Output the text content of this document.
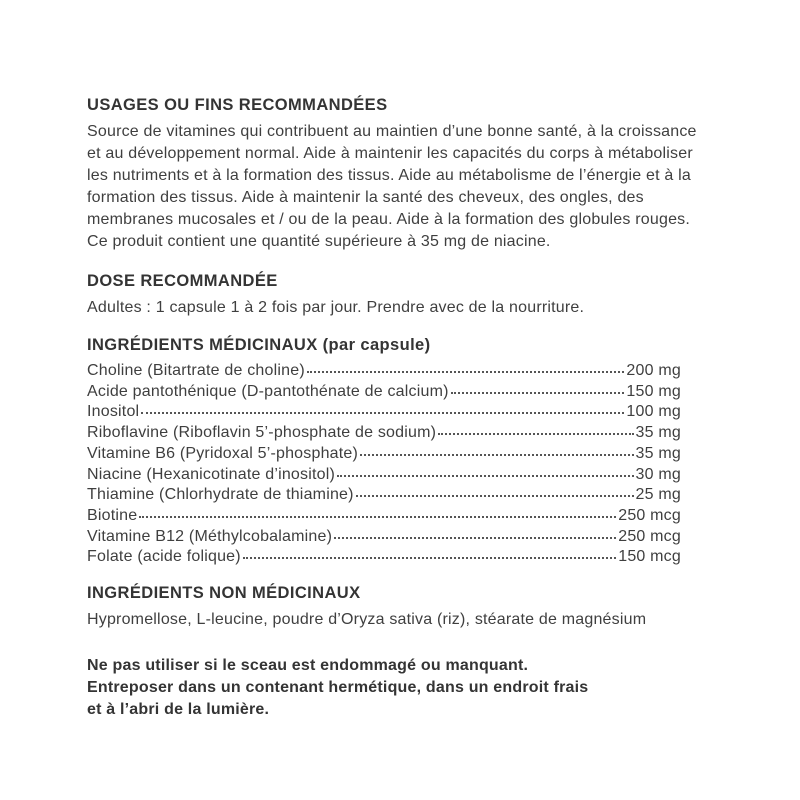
USAGES OU FINS RECOMMANDÉES

Source de vitamines qui contribuent au maintien d’une bonne santé, à la croissance et au développement normal. Aide à maintenir les capacités du corps à métaboliser les nutriments et à la formation des tissus. Aide au métabolisme de l’énergie et à la formation des tissus. Aide à maintenir la santé des cheveux, des ongles, des membranes mucosales et / ou de la peau. Aide à la formation des globules rouges. Ce produit contient une quantité supérieure à 35 mg de niacine.

DOSE RECOMMANDÉE

Adultes : 1 capsule 1 à 2 fois par jour. Prendre avec de la nourriture.

INGRÉDIENTS MÉDICINAUX (par capsule)
Choline (Bitartrate de choline)	200 mg
Acide pantothénique (D-pantothénate de calcium)	150 mg
Inositol	100 mg
Riboflavine (Riboflavin 5’-phosphate de sodium)	35 mg
Vitamine B6 (Pyridoxal 5’-phosphate)	35 mg
Niacine (Hexanicotinate d’inositol)	30 mg
Thiamine (Chlorhydrate de thiamine)	25 mg
Biotine	250 mcg
Vitamine B12 (Méthylcobalamine)	250 mcg
Folate (acide folique)	150 mcg
INGRÉDIENTS NON MÉDICINAUX

Hypromellose, L-leucine, poudre d’Oryza sativa (riz), stéarate de magnésium

Ne pas utiliser si le sceau est endommagé ou manquant. Entreposer dans un contenant hermétique, dans un endroit frais et à l’abri de la lumière.
